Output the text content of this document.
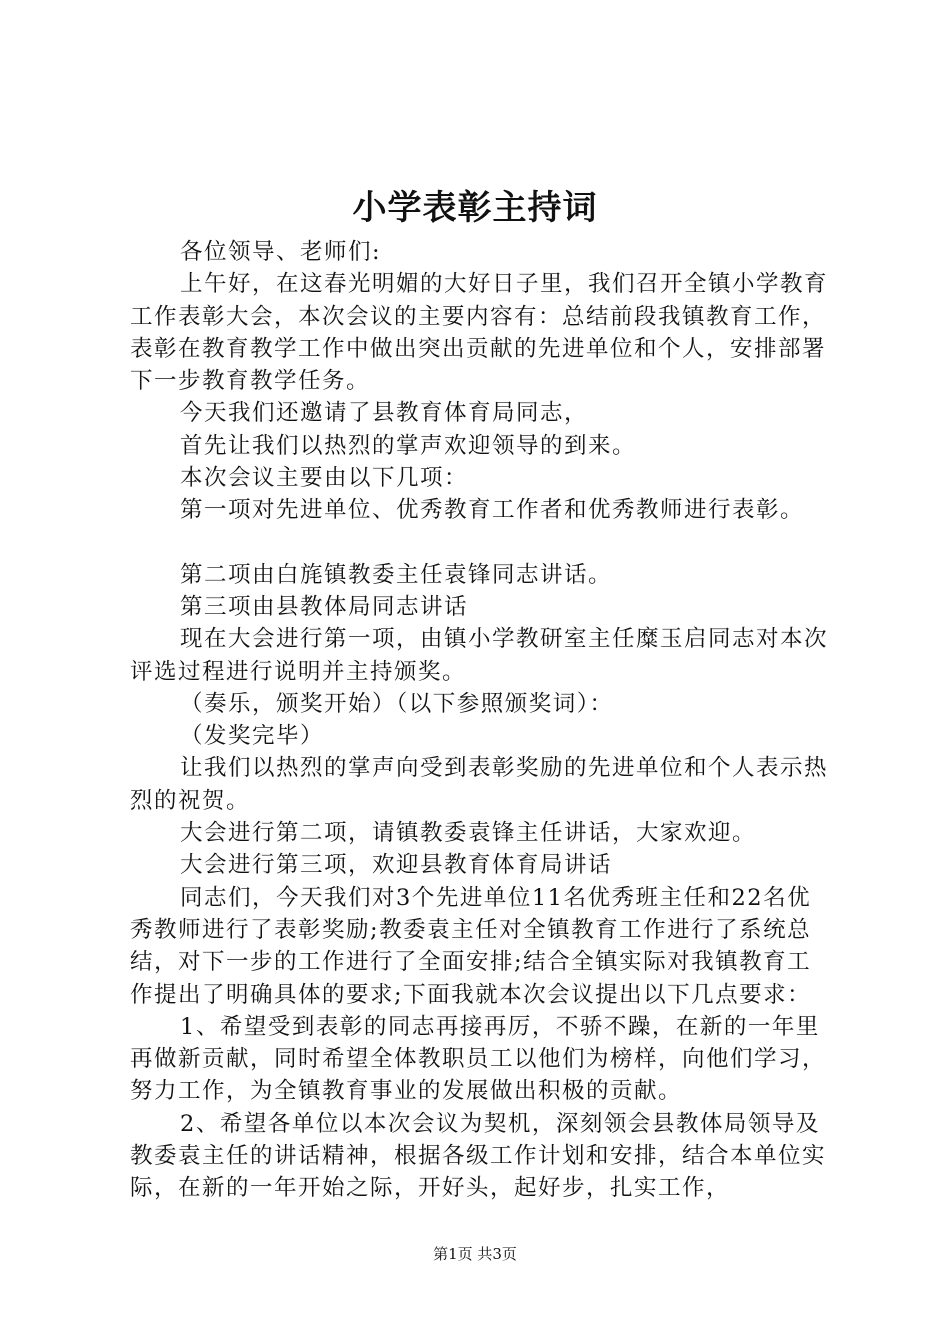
小学表彰主持词

各位领导、老师们:

上午好，在这春光明媚的大好日子里，我们召开全镇小学教育工作表彰大会，本次会议的主要内容有：总结前段我镇教育工作，表彰在教育教学工作中做出突出贡献的先进单位和个人，安排部署下一步教育教学任务。

今天我们还邀请了县教育体育局同志，

首先让我们以热烈的掌声欢迎领导的到来。

本次会议主要由以下几项：

第一项对先进单位、优秀教育工作者和优秀教师进行表彰。

第二项由白旄镇教委主任袁锋同志讲话。

第三项由县教体局同志讲话

现在大会进行第一项，由镇小学教研室主任糜玉启同志对本次评选过程进行说明并主持颁奖。

（奏乐，颁奖开始）（以下参照颁奖词）：

（发奖完毕）

让我们以热烈的掌声向受到表彰奖励的先进单位和个人表示热烈的祝贺。

大会进行第二项，请镇教委袁锋主任讲话，大家欢迎。

大会进行第三项，欢迎县教育体育局讲话

同志们，今天我们对3个先进单位11名优秀班主任和22名优秀教师进行了表彰奖励;教委袁主任对全镇教育工作进行了系统总结，对下一步的工作进行了全面安排;结合全镇实际对我镇教育工作提出了明确具体的要求;下面我就本次会议提出以下几点要求：

1、希望受到表彰的同志再接再厉，不骄不躁，在新的一年里再做新贡献，同时希望全体教职员工以他们为榜样，向他们学习，努力工作，为全镇教育事业的发展做出积极的贡献。

2、希望各单位以本次会议为契机，深刻领会县教体局领导及教委袁主任的讲话精神，根据各级工作计划和安排，结合本单位实际，在新的一年开始之际，开好头，起好步，扎实工作，

第1页 共3页
